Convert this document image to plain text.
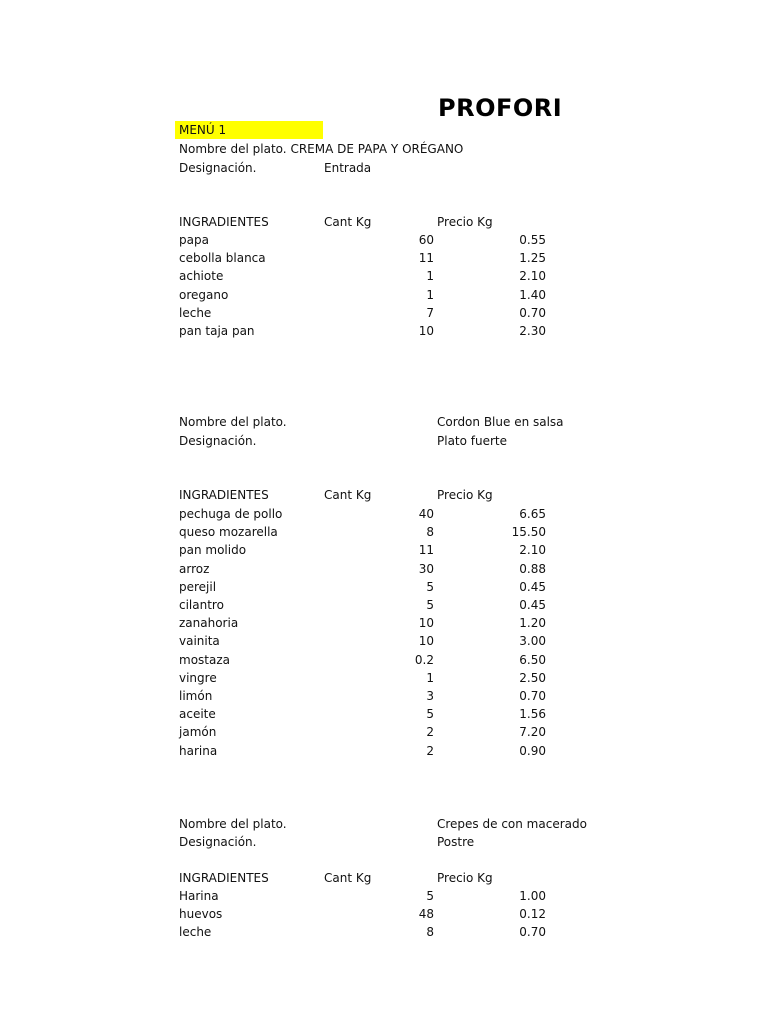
PROFORI
MENÚ 1
Nombre del plato. CREMA DE PAPA Y ORÉGANO
Designación.	Entrada
INGRADIENTES	Cant Kg	Precio Kg
papa	60	0.55
cebolla blanca	11	1.25
achiote	1	2.10
oregano	1	1.40
leche	7	0.70
pan taja pan	10	2.30
Nombre del plato.	Cordon Blue en salsa
Designación.	Plato fuerte
INGRADIENTES	Cant Kg	Precio Kg
pechuga de pollo	40	6.65
queso mozarella	8	15.50
pan molido	11	2.10
arroz	30	0.88
perejil	5	0.45
cilantro	5	0.45
zanahoria	10	1.20
vainita	10	3.00
mostaza	0.2	6.50
vingre	1	2.50
limón	3	0.70
aceite	5	1.56
jamón	2	7.20
harina	2	0.90
Nombre del plato.	Crepes de con macerado
Designación.	Postre
INGRADIENTES	Cant Kg	Precio Kg
Harina	5	1.00
huevos	48	0.12
leche	8	0.70
